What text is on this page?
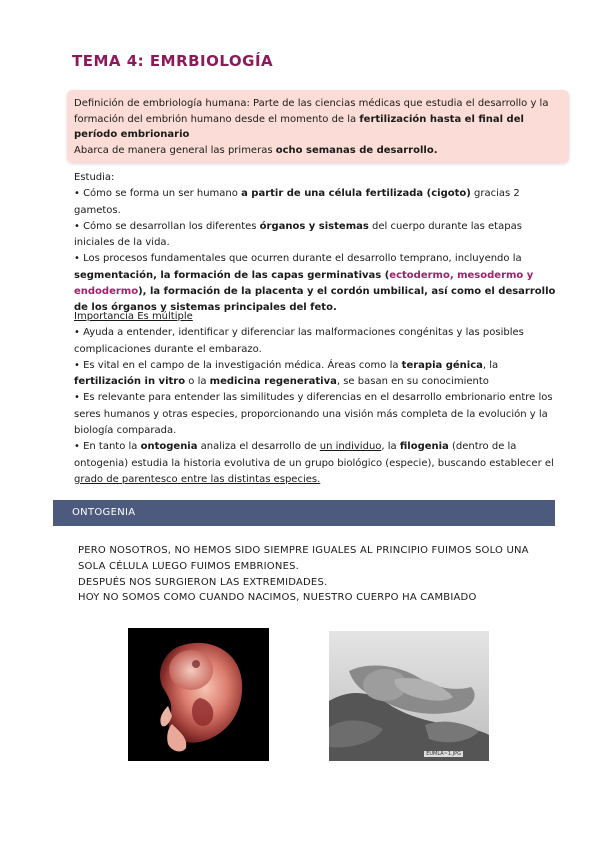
TEMA 4: EMRBIOLOGÍA
Definición de embriología humana: Parte de las ciencias médicas que estudia el desarrollo y la formación del embrión humano desde el momento de la fertilización hasta el final del período embrionario
Abarca de manera general las primeras ocho semanas de desarrollo.
Estudia:
• Cómo se forma un ser humano a partir de una célula fertilizada (cigoto) gracias 2 gametos.
• Cómo se desarrollan los diferentes órganos y sistemas del cuerpo durante las etapas iniciales de la vida.
• Los procesos fundamentales que ocurren durante el desarrollo temprano, incluyendo la segmentación, la formación de las capas germinativas (ectodermo, mesodermo y endodermo), la formación de la placenta y el cordón umbilical, así como el desarrollo de los órganos y sistemas principales del feto.
Importancia Es múltiple
• Ayuda a entender, identificar y diferenciar las malformaciones congénitas y las posibles complicaciones durante el embarazo.
• Es vital en el campo de la investigación médica. Áreas como la terapia génica, la fertilización in vitro o la medicina regenerativa, se basan en su conocimiento
• Es relevante para entender las similitudes y diferencias en el desarrollo embrionario entre los seres humanos y otras especies, proporcionando una visión más completa de la evolución y la biología comparada.
• En tanto la ontogenia analiza el desarrollo de un individuo, la filogenia (dentro de la ontogenia) estudia la historia evolutiva de un grupo biológico (especie), buscando establecer el grado de parentesco entre las distintas especies.
ONTOGENIA
PERO NOSOTROS, NO HEMOS SIDO SIEMPRE IGUALES AL PRINCIPIO FUIMOS SOLO UNA SOLA CÉLULA LUEGO FUIMOS EMBRIONES.
DESPUÉS NOS SURGIERON LAS EXTREMIDADES.
HOY NO SOMOS COMO CUANDO NACIMOS, NUESTRO CUERPO HA CAMBIADO
EUMLA~1.JPG
